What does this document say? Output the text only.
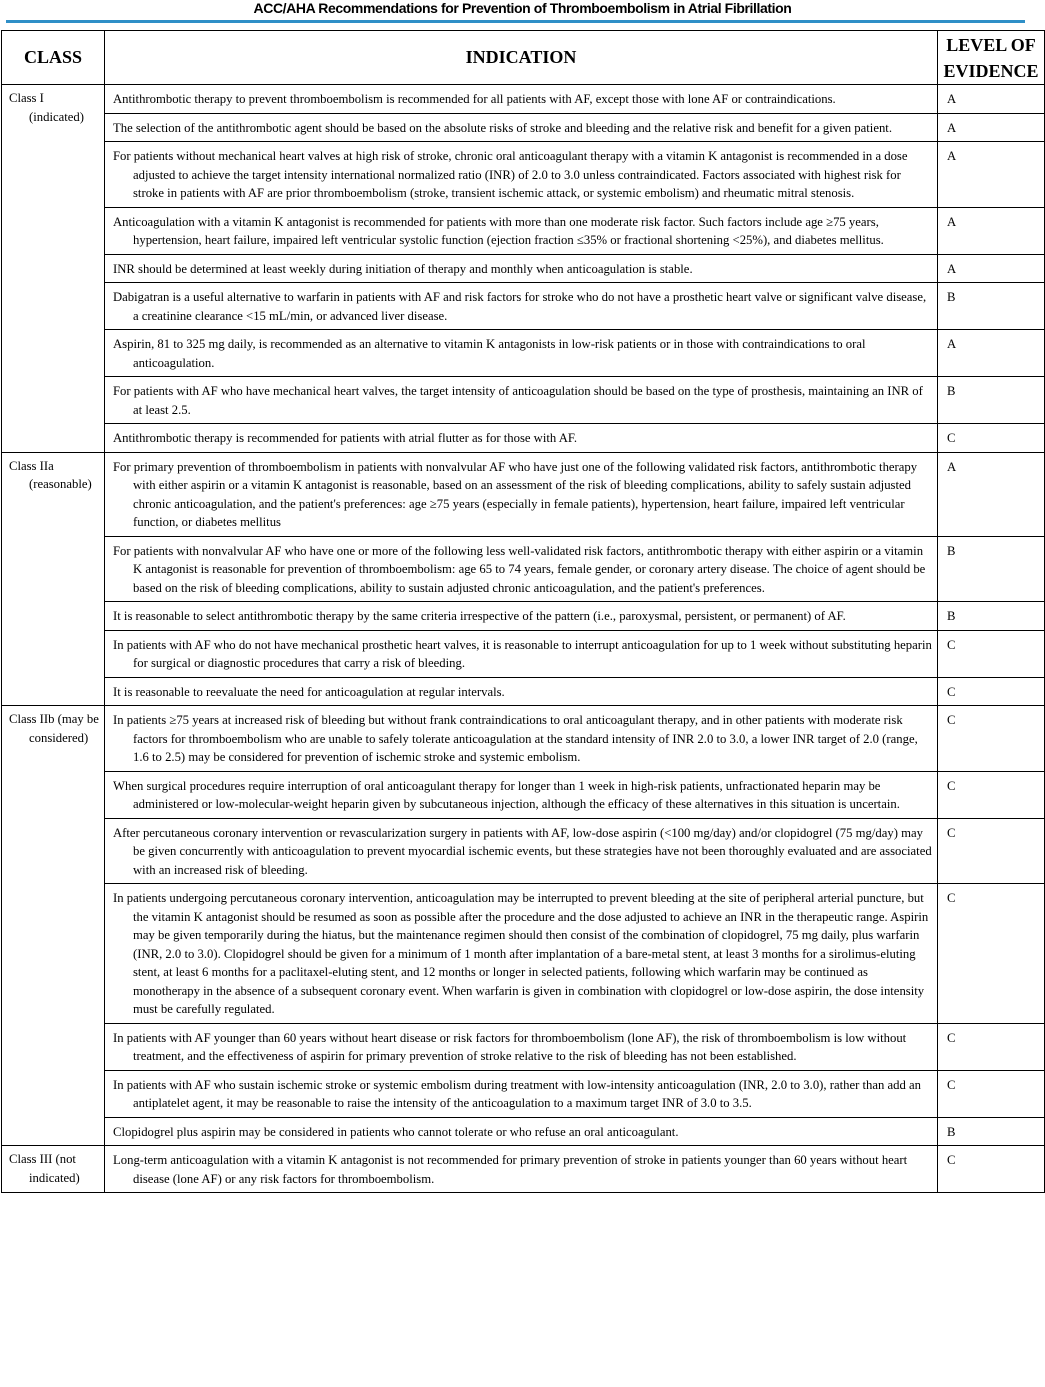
ACC/AHA Recommendations for Prevention of Thromboembolism in Atrial Fibrillation
CLASS	INDICATION	LEVEL OF EVIDENCE

Class I (indicated)	Antithrombotic therapy to prevent thromboembolism is recommended for all patients with AF, except those with lone AF or contraindications.	A

	The selection of the antithrombotic agent should be based on the absolute risks of stroke and bleeding and the relative risk and benefit for a given patient.	A

	For patients without mechanical heart valves at high risk of stroke, chronic oral anticoagulant therapy with a vitamin K antagonist is recommended in a dose adjusted to achieve the target intensity international normalized ratio (INR) of 2.0 to 3.0 unless contraindicated. Factors associated with highest risk for stroke in patients with AF are prior thromboembolism (stroke, transient ischemic attack, or systemic embolism) and rheumatic mitral stenosis.	A

	Anticoagulation with a vitamin K antagonist is recommended for patients with more than one moderate risk factor. Such factors include age ≥75 years, hypertension, heart failure, impaired left ventricular systolic function (ejection fraction ≤35% or fractional shortening <25%), and diabetes mellitus.	A

	INR should be determined at least weekly during initiation of therapy and monthly when anticoagulation is stable.	A

	Dabigatran is a useful alternative to warfarin in patients with AF and risk factors for stroke who do not have a prosthetic heart valve or significant valve disease, a creatinine clearance <15 mL/min, or advanced liver disease.	B

	Aspirin, 81 to 325 mg daily, is recommended as an alternative to vitamin K antagonists in low-risk patients or in those with contraindications to oral anticoagulation.	A

	For patients with AF who have mechanical heart valves, the target intensity of anticoagulation should be based on the type of prosthesis, maintaining an INR of at least 2.5.	B

	Antithrombotic therapy is recommended for patients with atrial flutter as for those with AF.	C

Class IIa (reasonable)	For primary prevention of thromboembolism in patients with nonvalvular AF who have just one of the following validated risk factors, antithrombotic therapy with either aspirin or a vitamin K antagonist is reasonable, based on an assessment of the risk of bleeding complications, ability to safely sustain adjusted chronic anticoagulation, and the patient's preferences: age ≥75 years (especially in female patients), hypertension, heart failure, impaired left ventricular function, or diabetes mellitus	A

	For patients with nonvalvular AF who have one or more of the following less well-validated risk factors, antithrombotic therapy with either aspirin or a vitamin K antagonist is reasonable for prevention of thromboembolism: age 65 to 74 years, female gender, or coronary artery disease. The choice of agent should be based on the risk of bleeding complications, ability to sustain adjusted chronic anticoagulation, and the patient's preferences.	B

	It is reasonable to select antithrombotic therapy by the same criteria irrespective of the pattern (i.e., paroxysmal, persistent, or permanent) of AF.	B

	In patients with AF who do not have mechanical prosthetic heart valves, it is reasonable to interrupt anticoagulation for up to 1 week without substituting heparin for surgical or diagnostic procedures that carry a risk of bleeding.	C

	It is reasonable to reevaluate the need for anticoagulation at regular intervals.	C

Class IIb (may be considered)	In patients ≥75 years at increased risk of bleeding but without frank contraindications to oral anticoagulant therapy, and in other patients with moderate risk factors for thromboembolism who are unable to safely tolerate anticoagulation at the standard intensity of INR 2.0 to 3.0, a lower INR target of 2.0 (range, 1.6 to 2.5) may be considered for prevention of ischemic stroke and systemic embolism.	C

	When surgical procedures require interruption of oral anticoagulant therapy for longer than 1 week in high-risk patients, unfractionated heparin may be administered or low-molecular-weight heparin given by subcutaneous injection, although the efficacy of these alternatives in this situation is uncertain.	C

	After percutaneous coronary intervention or revascularization surgery in patients with AF, low-dose aspirin (<100 mg/day) and/or clopidogrel (75 mg/day) may be given concurrently with anticoagulation to prevent myocardial ischemic events, but these strategies have not been thoroughly evaluated and are associated with an increased risk of bleeding.	C

	In patients undergoing percutaneous coronary intervention, anticoagulation may be interrupted to prevent bleeding at the site of peripheral arterial puncture, but the vitamin K antagonist should be resumed as soon as possible after the procedure and the dose adjusted to achieve an INR in the therapeutic range. Aspirin may be given temporarily during the hiatus, but the maintenance regimen should then consist of the combination of clopidogrel, 75 mg daily, plus warfarin (INR, 2.0 to 3.0). Clopidogrel should be given for a minimum of 1 month after implantation of a bare-metal stent, at least 3 months for a sirolimus-eluting stent, at least 6 months for a paclitaxel-eluting stent, and 12 months or longer in selected patients, following which warfarin may be continued as monotherapy in the absence of a subsequent coronary event. When warfarin is given in combination with clopidogrel or low-dose aspirin, the dose intensity must be carefully regulated.	C

	In patients with AF younger than 60 years without heart disease or risk factors for thromboembolism (lone AF), the risk of thromboembolism is low without treatment, and the effectiveness of aspirin for primary prevention of stroke relative to the risk of bleeding has not been established.	C

	In patients with AF who sustain ischemic stroke or systemic embolism during treatment with low-intensity anticoagulation (INR, 2.0 to 3.0), rather than add an antiplatelet agent, it may be reasonable to raise the intensity of the anticoagulation to a maximum target INR of 3.0 to 3.5.	C

	Clopidogrel plus aspirin may be considered in patients who cannot tolerate or who refuse an oral anticoagulant.	B

Class III (not indicated)	Long-term anticoagulation with a vitamin K antagonist is not recommended for primary prevention of stroke in patients younger than 60 years without heart disease (lone AF) or any risk factors for thromboembolism.	C
